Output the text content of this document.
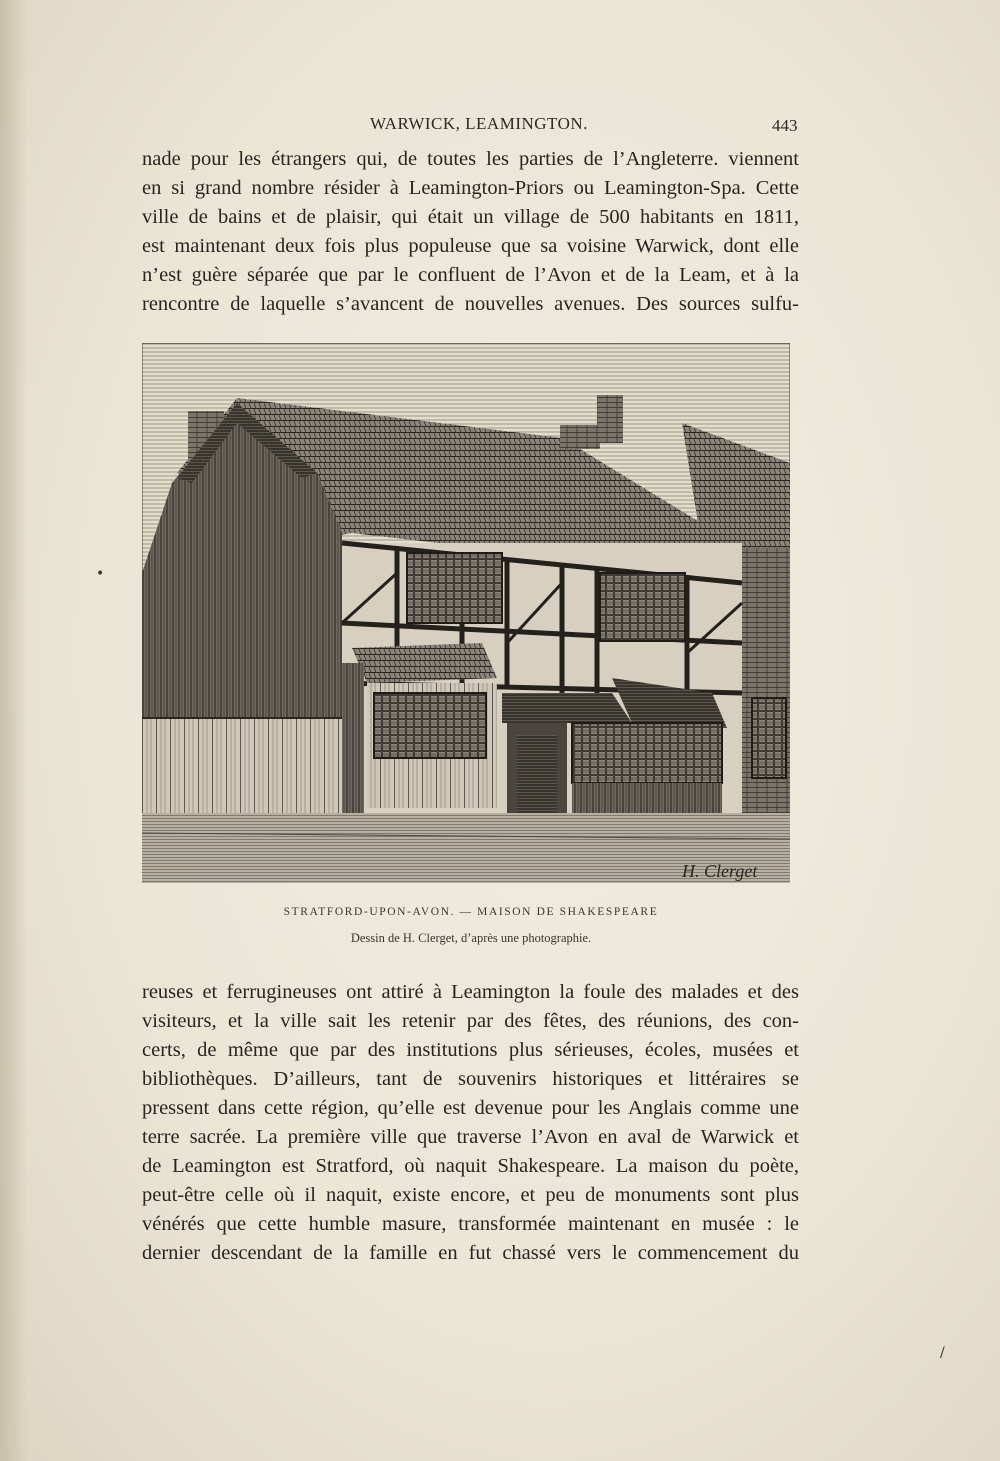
WARWICK, LEAMINGTON.	443
nade pour les étrangers qui, de toutes les parties de l’Angleterre. viennent
en si grand nombre résider à Leamington-Priors ou Leamington-Spa. Cette
ville de bains et de plaisir, qui était un village de 500 habitants en 1811,
est maintenant deux fois plus populeuse que sa voisine Warwick, dont elle
n’est guère séparée que par le confluent de l’Avon et de la Leam, et à la
rencontre de laquelle s’avancent de nouvelles avenues. Des sources sulfu-
H. Clerget
STRATFORD-UPON-AVON. — MAISON DE SHAKESPEARE
Dessin de H. Clerget, d’après une photographie.
reuses et ferrugineuses ont attiré à Leamington la foule des malades et des
visiteurs, et la ville sait les retenir par des fêtes, des réunions, des con-
certs, de même que par des institutions plus sérieuses, écoles, musées et
bibliothèques. D’ailleurs, tant de souvenirs historiques et littéraires se
pressent dans cette région, qu’elle est devenue pour les Anglais comme une
terre sacrée. La première ville que traverse l’Avon en aval de Warwick et
de Leamington est Stratford, où naquit Shakespeare. La maison du poète,
peut-être celle où il naquit, existe encore, et peu de monuments sont plus
vénérés que cette humble masure, transformée maintenant en musée : le
dernier descendant de la famille en fut chassé vers le commencement du
•
/
